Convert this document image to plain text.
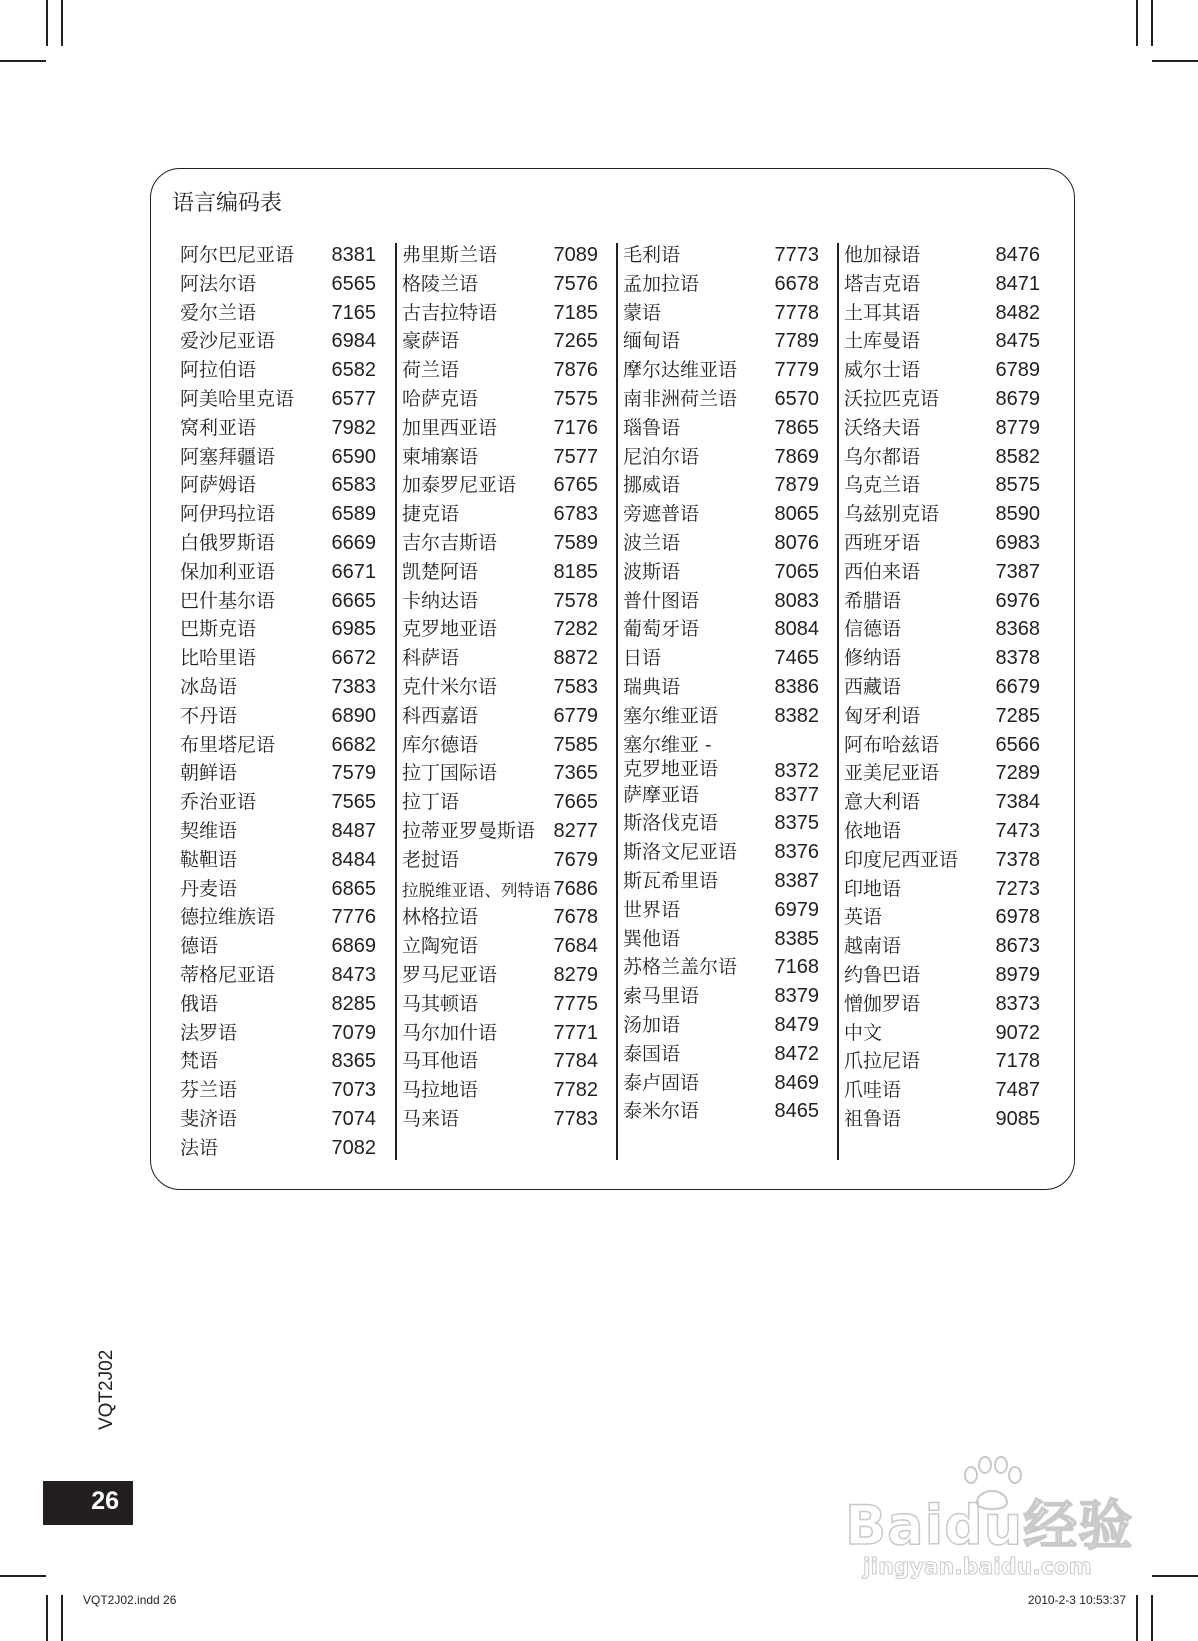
语言编码表
阿尔巴尼亚语 8381
阿法尔语	6565
爱尔兰语	7165
爱沙尼亚语	6984
阿拉伯语	6582
阿美哈里克语 6577
窝利亚语	7982
阿塞拜疆语	6590
阿萨姆语	6583
阿伊玛拉语	6589
白俄罗斯语	6669
保加利亚语	6671
巴什基尔语	6665
巴斯克语	6985
比哈里语	6672
冰岛语	7383
不丹语	6890
布里塔尼语	6682
朝鲜语	7579
乔治亚语	7565
契维语	8487
鞑靼语	8484
丹麦语	6865
德拉维族语	7776
德语	6869
蒂格尼亚语	8473
俄语	8285
法罗语	7079
梵语	8365
芬兰语	7073
斐济语	7074
法语	7082
弗里斯兰语	7089
格陵兰语	7576
古吉拉特语	7185
豪萨语	7265
荷兰语	7876
哈萨克语	7575
加里西亚语	7176
柬埔寨语	7577
加泰罗尼亚语 6765
捷克语	6783
吉尔吉斯语	7589
凯楚阿语	8185
卡纳达语	7578
克罗地亚语	7282
科萨语	8872
克什米尔语	7583
科西嘉语	6779
库尔德语	7585
拉丁国际语	7365
拉丁语	7665
拉蒂亚罗曼斯语 8277
老挝语	7679
拉脱维亚语、列特语 7686
林格拉语	7678
立陶宛语	7684
罗马尼亚语	8279
马其顿语	7775
马尔加什语	7771
马耳他语	7784
马拉地语	7782
马来语	7783
毛利语	7773
孟加拉语	6678
蒙语	7778
缅甸语	7789
摩尔达维亚语 7779
南非洲荷兰语 6570
瑙鲁语	7865
尼泊尔语	7869
挪威语	7879
旁遮普语	8065
波兰语	8076
波斯语	7065
普什图语	8083
葡萄牙语	8084
日语	7465
瑞典语	8386
塞尔维亚语	8382
塞尔维亚 -
克罗地亚语	8372
萨摩亚语	8377
斯洛伐克语	8375
斯洛文尼亚语 8376
斯瓦希里语	8387
世界语	6979
巽他语	8385
苏格兰盖尔语 7168
索马里语	8379
汤加语	8479
泰国语	8472
泰卢固语	8469
泰米尔语	8465
他加禄语	8476
塔吉克语	8471
土耳其语	8482
土库曼语	8475
威尔士语	6789
沃拉匹克语	8679
沃络夫语	8779
乌尔都语	8582
乌克兰语	8575
乌兹别克语	8590
西班牙语	6983
西伯来语	7387
希腊语	6976
信德语	8368
修纳语	8378
西藏语	6679
匈牙利语	7285
阿布哈兹语	6566
亚美尼亚语	7289
意大利语	7384
依地语	7473
印度尼西亚语 7378
印地语	7273
英语	6978
越南语	8673
约鲁巴语	8979
憎伽罗语	8373
中文	9072
爪拉尼语	7178
爪哇语	7487
祖鲁语	9085
VQT2J02
26
VQT2J02.indd 26	2010-2-3 10:53:37
Baidu经验
jingyan.baidu.com
